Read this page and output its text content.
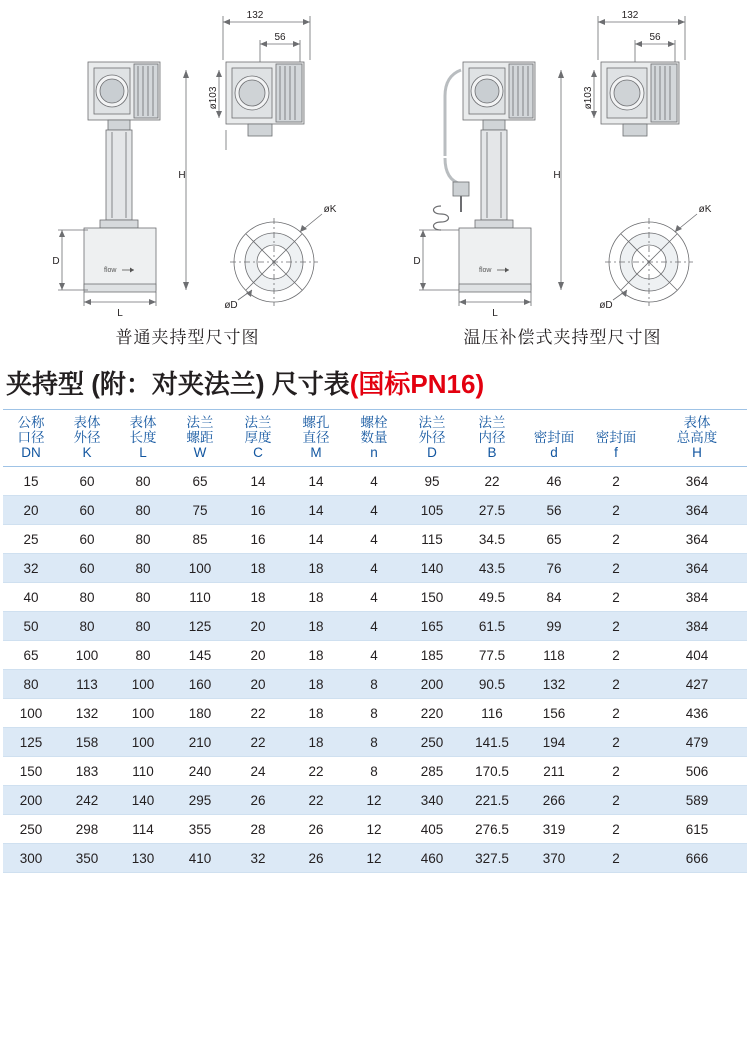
flow
132
56
ø103
H
D
L
øK
øD
普通夹持型尺寸图
flow
132
56
ø103
H
D
L
øK
øD
温压补偿式夹持型尺寸图
夹持型 (附：对夹法兰) 尺寸表(国标PN16)
公称
口径
DN	表体
外径
K	表体
长度
L	法兰
螺距
W	法兰
厚度
C	螺孔
直径
M	螺栓
数量
n	法兰
外径
D	法兰
内径
B	密封面
d	密封面
f	表体
总高度
H

15	60	80	65	14	14	4	95	22	46	2	364
20	60	80	75	16	14	4	105	27.5	56	2	364
25	60	80	85	16	14	4	115	34.5	65	2	364
32	60	80	100	18	18	4	140	43.5	76	2	364
40	80	80	110	18	18	4	150	49.5	84	2	384
50	80	80	125	20	18	4	165	61.5	99	2	384
65	100	80	145	20	18	4	185	77.5	118	2	404
80	113	100	160	20	18	8	200	90.5	132	2	427
100	132	100	180	22	18	8	220	116	156	2	436
125	158	100	210	22	18	8	250	141.5	194	2	479
150	183	110	240	24	22	8	285	170.5	211	2	506
200	242	140	295	26	22	12	340	221.5	266	2	589
250	298	114	355	28	26	12	405	276.5	319	2	615
300	350	130	410	32	26	12	460	327.5	370	2	666
